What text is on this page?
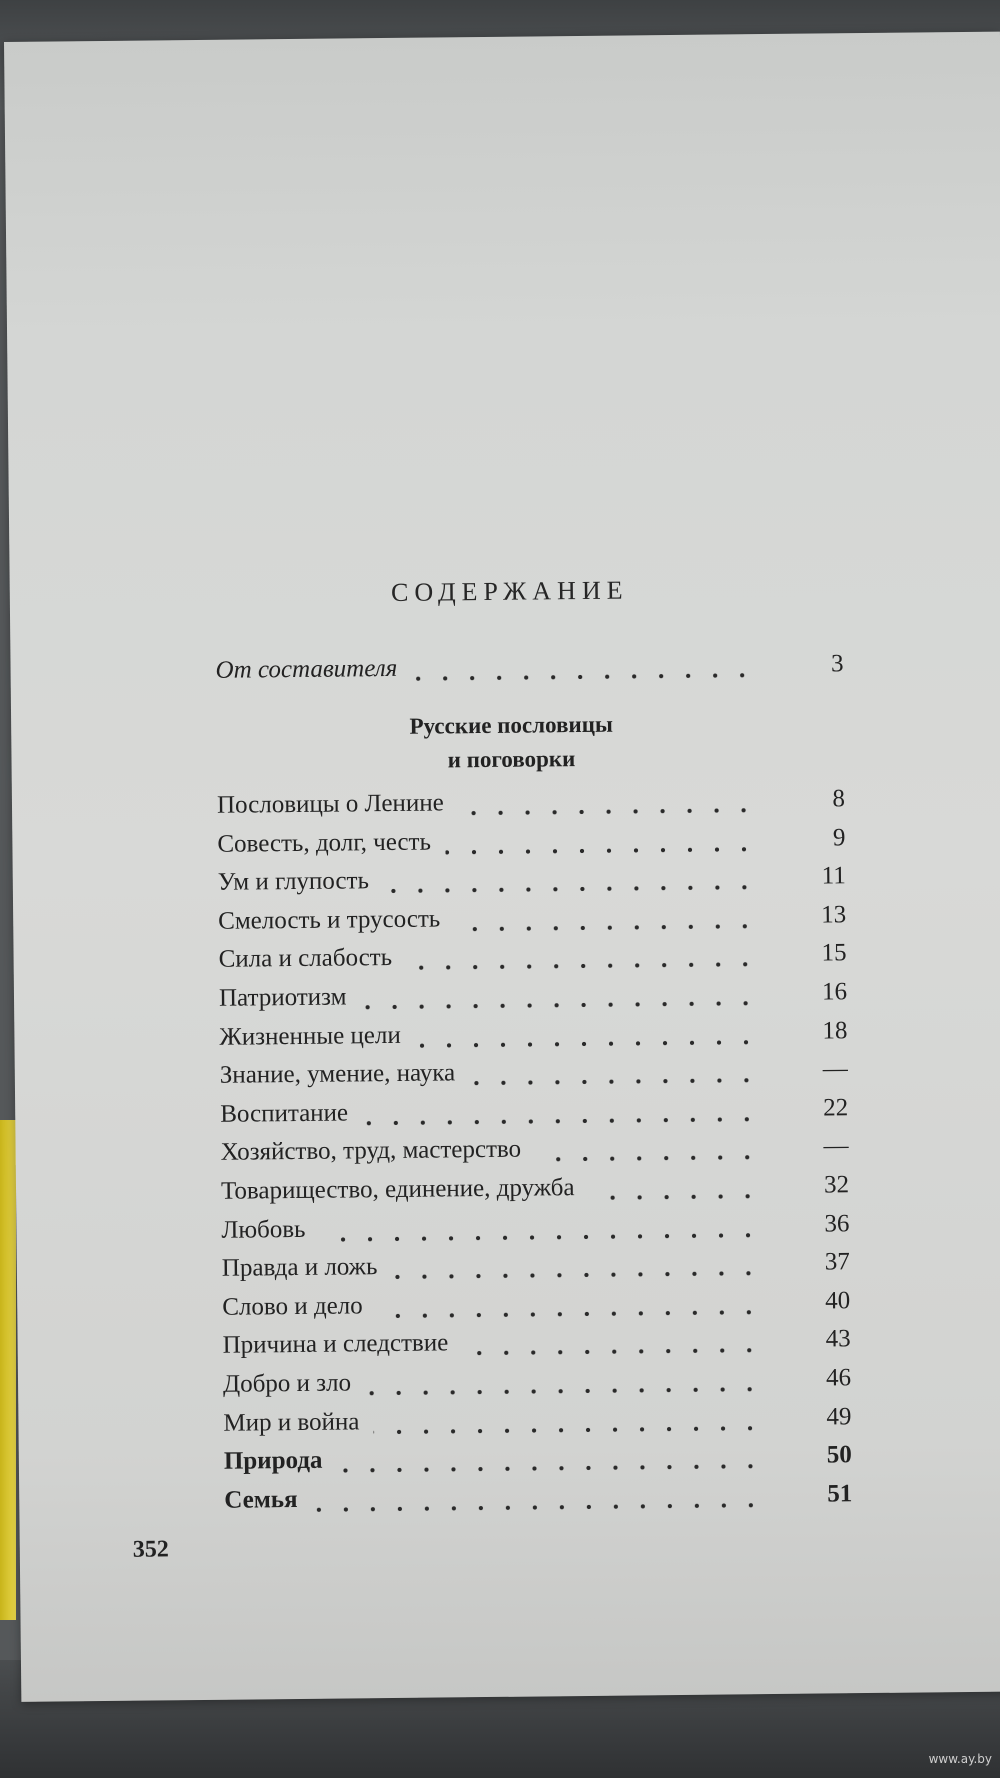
СОДЕРЖАНИЕ
От составителя	3
Русские пословицы
и поговорки
Пословицы о Ленине	8
Совесть, долг, честь	9
Ум и глупость	11
Смелость и трусость	13
Сила и слабость	15
Патриотизм	16
Жизненные цели	18
Знание, умение, наука	—
Воспитание	22
Хозяйство, труд, мастерство	—
Товарищество, единение, дружба	32
Любовь	36
Правда и ложь	37
Слово и дело	40
Причина и следствие	43
Добро и зло	46
Мир и война	49
Природа	50
Семья	51
352
www.ay.by
